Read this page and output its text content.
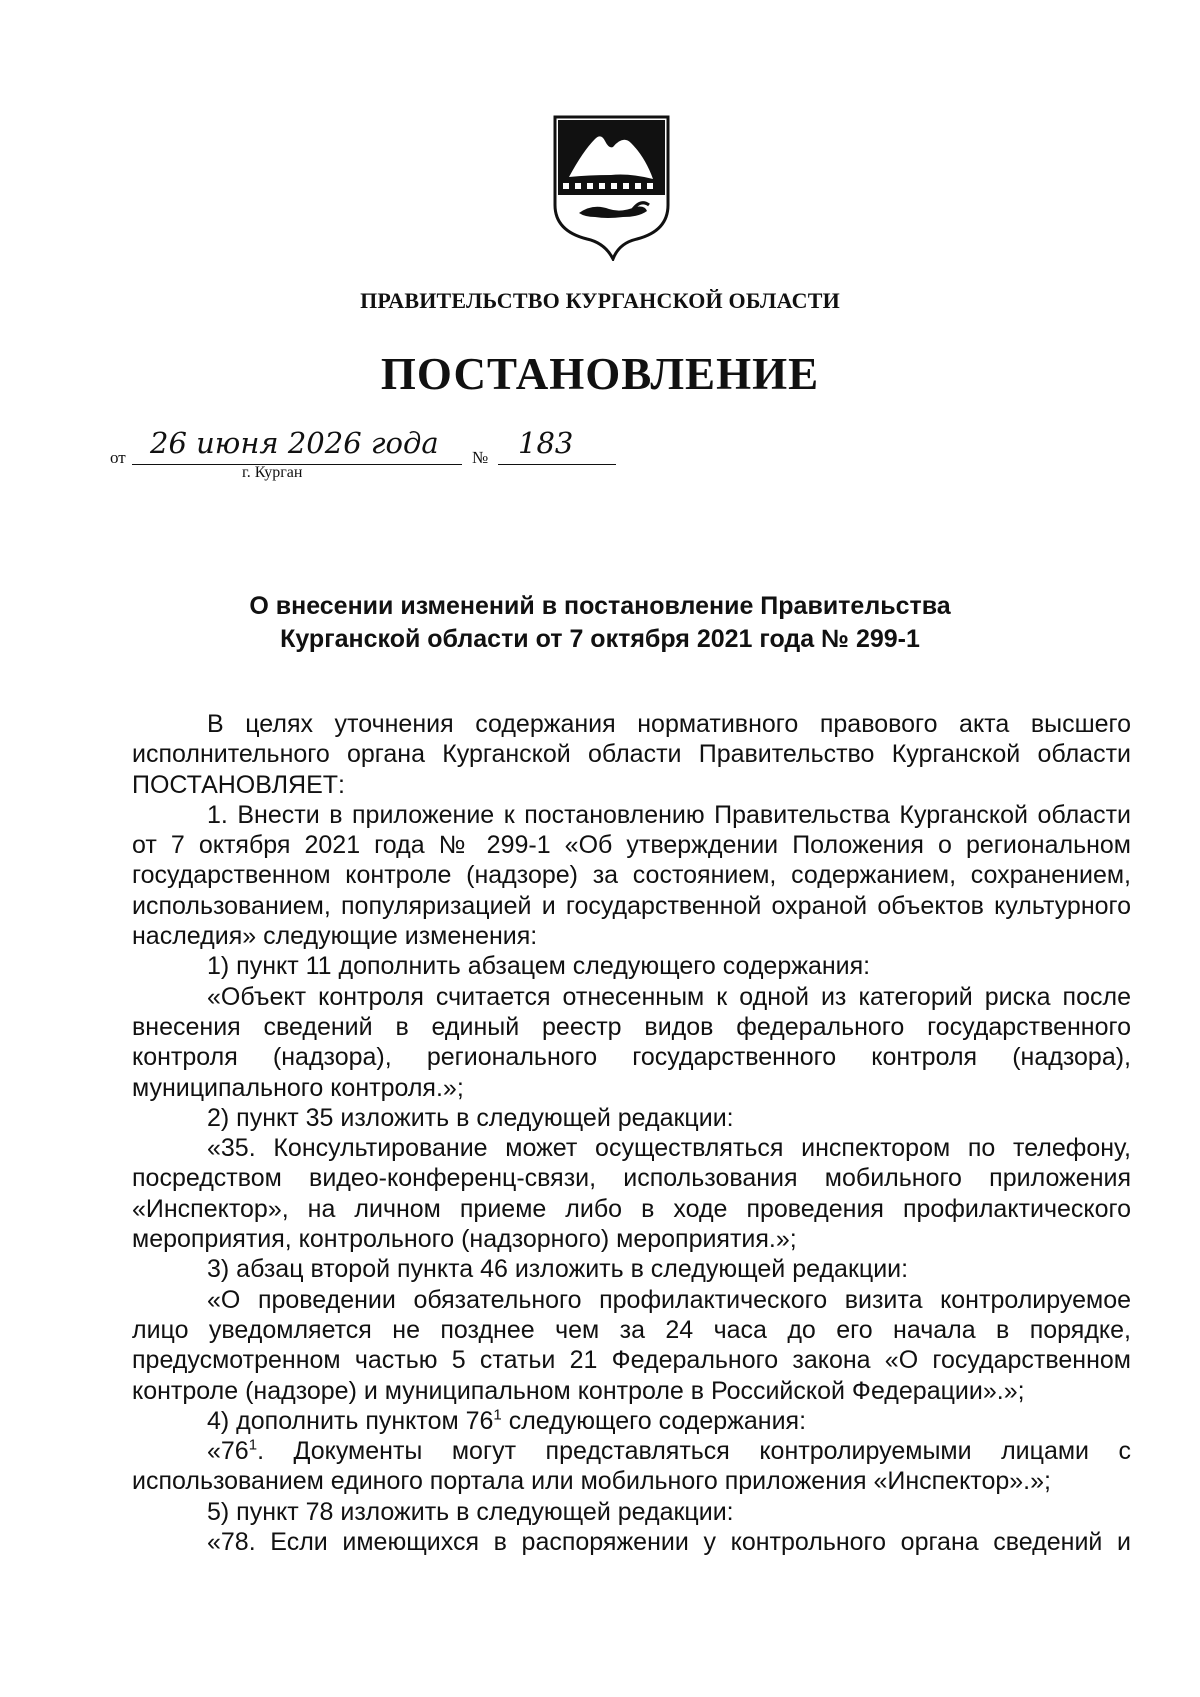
ПРАВИТЕЛЬСТВО КУРГАНСКОЙ ОБЛАСТИ
ПОСТАНОВЛЕНИЕ
от 26 июня 2026 года № 183
г. Курган
О внесении изменений в постановление Правительства
Курганской области от 7 октября 2021 года № 299-1

В целях уточнения содержания нормативного правового акта высшего исполнительного органа Курганской области Правительство Курганской области ПОСТАНОВЛЯЕТ:

1. Внести в приложение к постановлению Правительства Курганской области от 7 октября 2021 года № 299-1 «Об утверждении Положения о региональном государственном контроле (надзоре) за состоянием, содержанием, сохранением, использованием, популяризацией и государственной охраной объектов культурного наследия» следующие изменения:

1) пункт 11 дополнить абзацем следующего содержания:

«Объект контроля считается отнесенным к одной из категорий риска после внесения сведений в единый реестр видов федерального государственного контроля (надзора), регионального государственного контроля (надзора), муниципального контроля.»;

2) пункт 35 изложить в следующей редакции:

«35. Консультирование может осуществляться инспектором по телефону, посредством видео-конференц-связи, использования мобильного приложения «Инспектор», на личном приеме либо в ходе проведения профилактического мероприятия, контрольного (надзорного) мероприятия.»;

3) абзац второй пункта 46 изложить в следующей редакции:

«О проведении обязательного профилактического визита контролируемое лицо уведомляется не позднее чем за 24 часа до его начала в порядке, предусмотренном частью 5 статьи 21 Федерального закона «О государственном контроле (надзоре) и муниципальном контроле в Российской Федерации».»;

4) дополнить пунктом $76^1$ следующего содержания:

«$76^1$. Документы могут представляться контролируемыми лицами с использованием единого портала или мобильного приложения «Инспектор».»;

5) пункт 78 изложить в следующей редакции:

«78. Если имеющихся в распоряжении у контрольного органа сведений и
